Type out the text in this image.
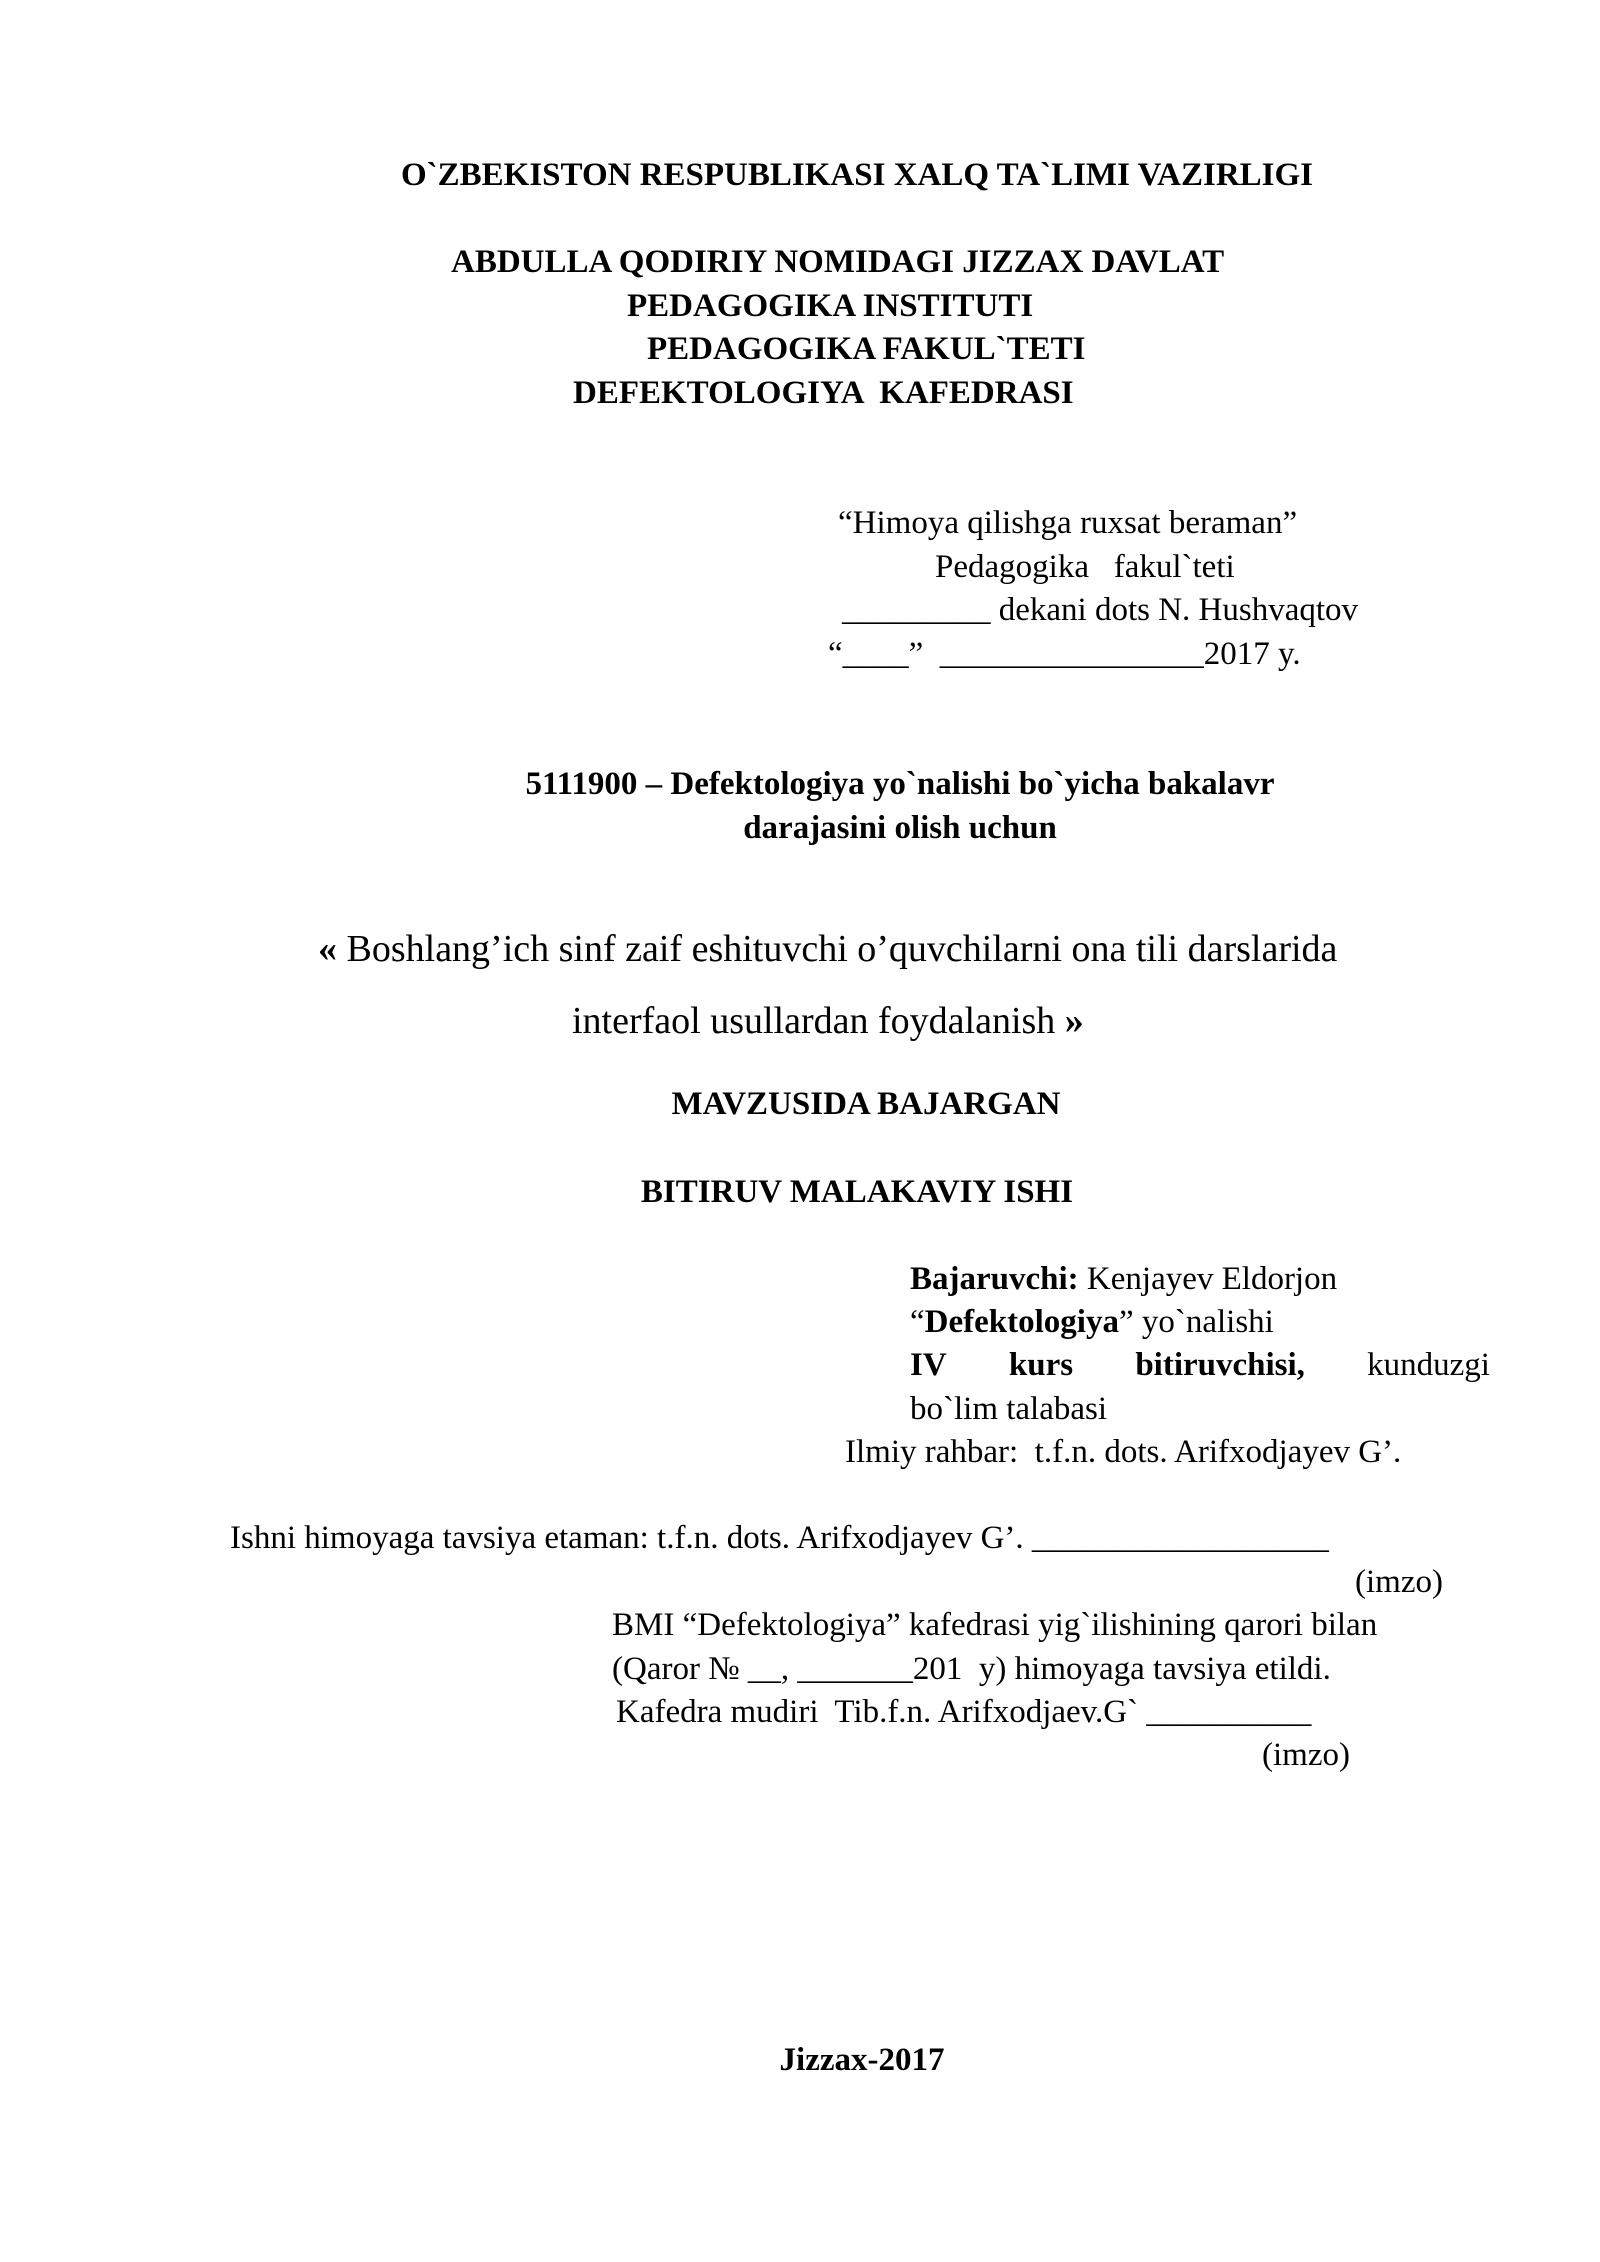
O`ZBEKISTON RESPUBLIKASI XALQ TA`LIMI VAZIRLIGI
ABDULLA QODIRIY NOMIDAGI JIZZAX DAVLAT
PEDAGOGIKA INSTITUTI
PEDAGOGIKA FAKUL`TETI
DEFEKTOLOGIYA  KAFEDRASI
“Himoya qilishga ruxsat beraman”
Pedagogika   fakul`teti
_________ dekani dots N. Hushvaqtov
“____”  ________________2017 y.
5111900 – Defektologiya yo`nalishi bo`yicha bakalavr
darajasini olish uchun
« Boshlang’ich sinf zaif eshituvchi o’quvchilarni ona tili darslarida
interfaol usullardan foydalanish »
MAVZUSIDA BAJARGAN
BITIRUV MALAKAVIY ISHI
Bajaruvchi: Kenjayev Eldorjon
“Defektologiya” yo`nalishi
IV kurs bitiruvchisi, kunduzgi
bo`lim talabasi
Ilmiy rahbar:  t.f.n. dots. Arifxodjayev G’.
Ishni himoyaga tavsiya etaman: t.f.n. dots. Arifxodjayev G’. __________________
(imzo)
BMI “Defektologiya” kafedrasi yig`ilishining qarori bilan
(Qaror № __, _______201  y) himoyaga tavsiya etildi.
Kafedra mudiri  Tib.f.n. Arifxodjaev.G` __________
(imzo)
Jizzax-2017
